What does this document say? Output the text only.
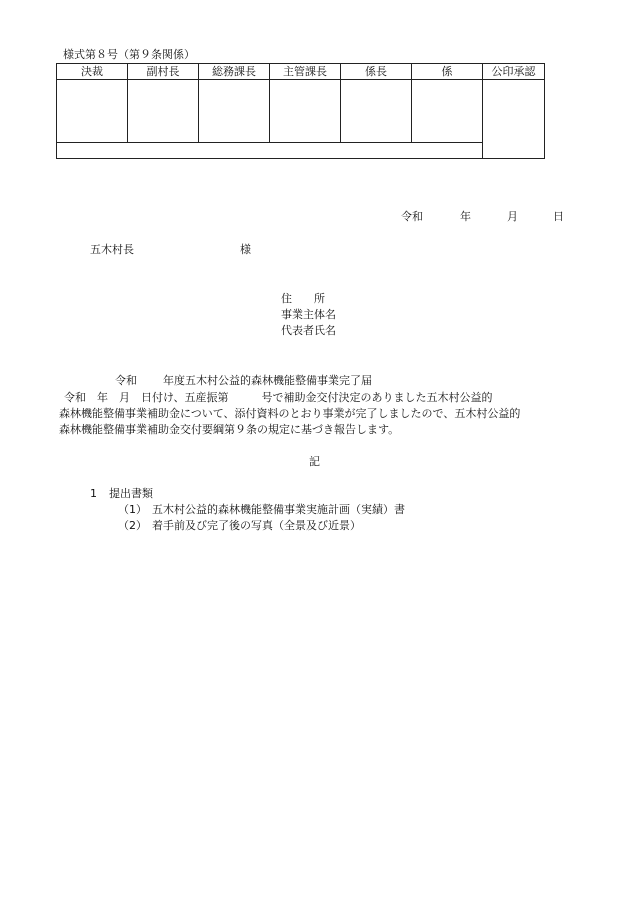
様式第８号（第９条関係）
決裁	副村長	総務課長	主管課長	係長	係	公印承認

令和	年	月	日
五木村長	様
住　　所
事業主体名
代表者氏名
令和 年度五木村公益的森林機能整備事業完了届
令和　年　月　日付け、五産振第　　　号で補助金交付決定のありました五木村公益的
森林機能整備事業補助金について、添付資料のとおり事業が完了しましたので、五木村公益的
森林機能整備事業補助金交付要綱第９条の規定に基づき報告します。
記
1 提出書類
（1） 五木村公益的森林機能整備事業実施計画（実績）書
（2） 着手前及び完了後の写真（全景及び近景）
